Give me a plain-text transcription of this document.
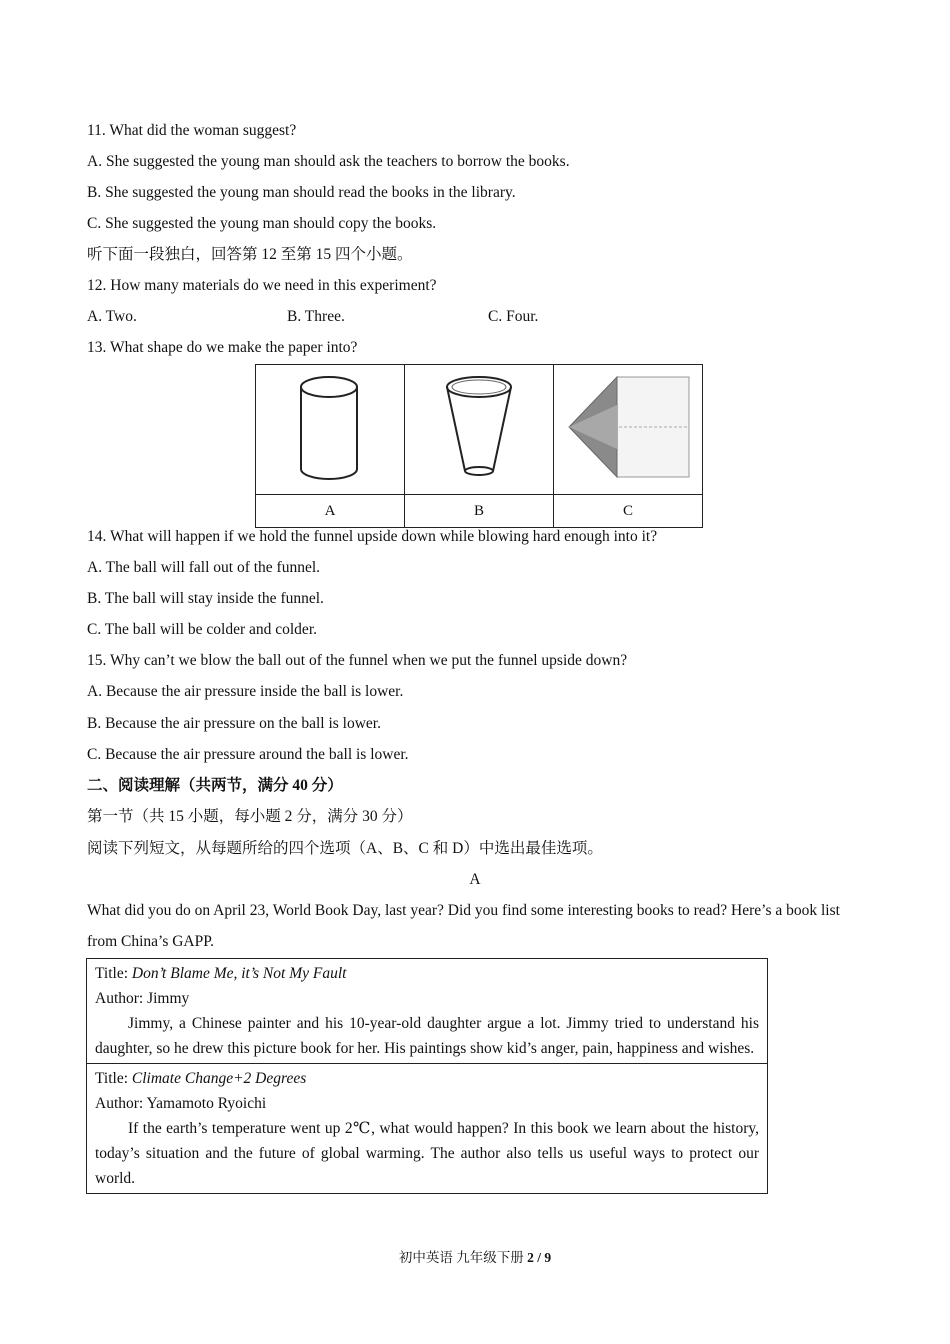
11. What did the woman suggest?
A. She suggested the young man should ask the teachers to borrow the books.
B. She suggested the young man should read the books in the library.
C. She suggested the young man should copy the books.
听下面一段独白，回答第 12 至第 15 四个小题。
12. How many materials do we need in this experiment?
A. Two.	B. Three.	C. Four.
13. What shape do we make the paper into?

A	B	C
14. What will happen if we hold the funnel upside down while blowing hard enough into it?
A. The ball will fall out of the funnel.
B. The ball will stay inside the funnel.
C. The ball will be colder and colder.
15. Why can’t we blow the ball out of the funnel when we put the funnel upside down?
A. Because the air pressure inside the ball is lower.
B. Because the air pressure on the ball is lower.
C. Because the air pressure around the ball is lower.
二、阅读理解（共两节，满分 40 分）
第一节（共 15 小题，每小题 2 分，满分 30 分）
阅读下列短文，从每题所给的四个选项（A、B、C 和 D）中选出最佳选项。
A
What did you do on April 23, World Book Day, last year? Did you find some interesting books to read? Here’s a book list from China’s GAPP.
Title: Don’t Blame Me, it’s Not My Fault
Author: Jimmy
Jimmy, a Chinese painter and his 10-year-old daughter argue a lot. Jimmy tried to understand his daughter, so he drew this picture book for her. His paintings show kid’s anger, pain, happiness and wishes.
Title: Climate Change+2 Degrees
Author: Yamamoto Ryoichi
If the earth’s temperature went up 2℃, what would happen? In this book we learn about the history, today’s situation and the future of global warming. The author also tells us useful ways to protect our world.
初中英语 九年级下册 2 / 9
